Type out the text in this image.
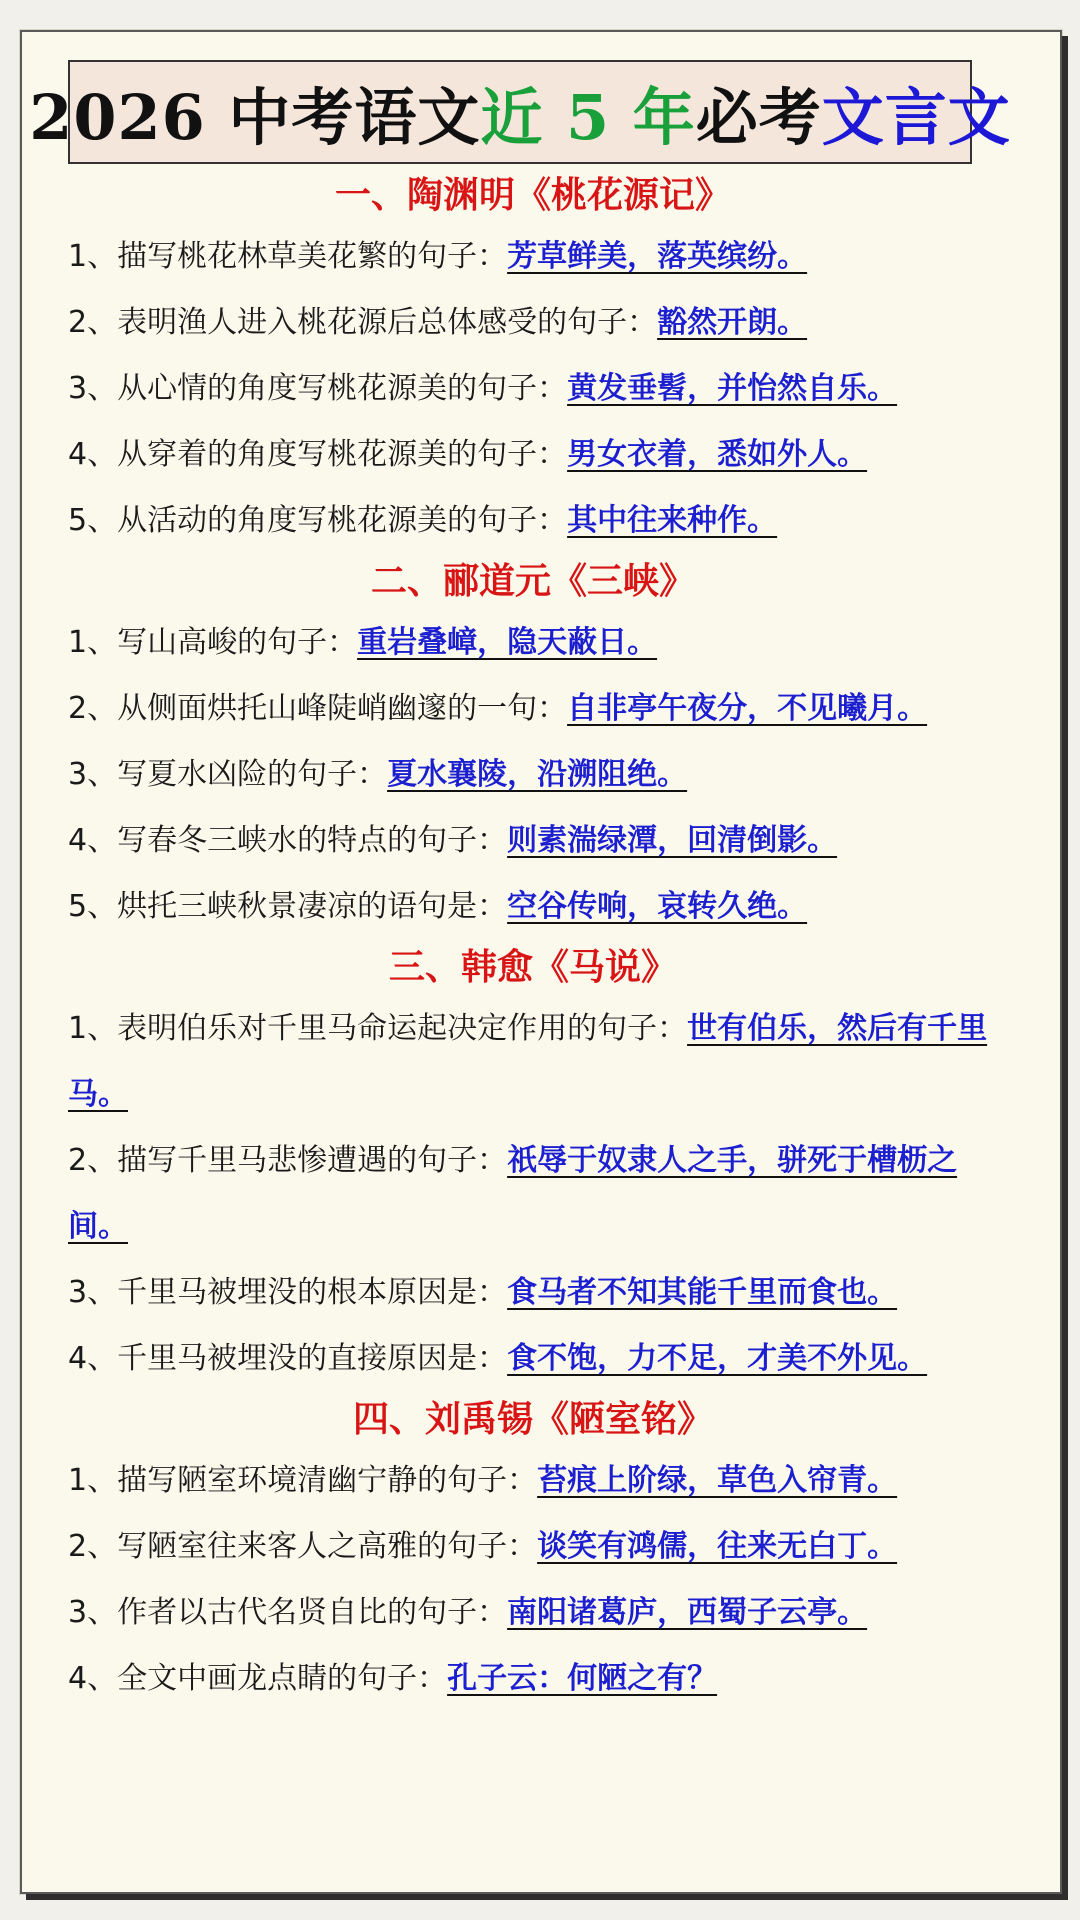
2026 中考语文 近 5 年 必考 文言文
一、陶渊明《桃花源记》
1、描写桃花林草美花繁的句子：芳草鲜美，落英缤纷。
2、表明渔人进入桃花源后总体感受的句子：豁然开朗。
3、从心情的角度写桃花源美的句子：黄发垂髫，并怡然自乐。
4、从穿着的角度写桃花源美的句子：男女衣着，悉如外人。
5、从活动的角度写桃花源美的句子：其中往来种作。
二、郦道元《三峡》
1、写山高峻的句子：重岩叠嶂，隐天蔽日。
2、从侧面烘托山峰陡峭幽邃的一句：自非亭午夜分，不见曦月。
3、写夏水凶险的句子：夏水襄陵，沿溯阻绝。
4、写春冬三峡水的特点的句子：则素湍绿潭，回清倒影。
5、烘托三峡秋景凄凉的语句是：空谷传响，哀转久绝。
三、韩愈《马说》
1、表明伯乐对千里马命运起决定作用的句子：世有伯乐，然后有千里马。
2、描写千里马悲惨遭遇的句子：祇辱于奴隶人之手，骈死于槽枥之间。
3、千里马被埋没的根本原因是：食马者不知其能千里而食也。
4、千里马被埋没的直接原因是：食不饱，力不足，才美不外见。
四、刘禹锡《陋室铭》
1、描写陋室环境清幽宁静的句子：苔痕上阶绿，草色入帘青。
2、写陋室往来客人之高雅的句子：谈笑有鸿儒，往来无白丁。
3、作者以古代名贤自比的句子：南阳诸葛庐，西蜀子云亭。
4、全文中画龙点睛的句子：孔子云：何陋之有？
